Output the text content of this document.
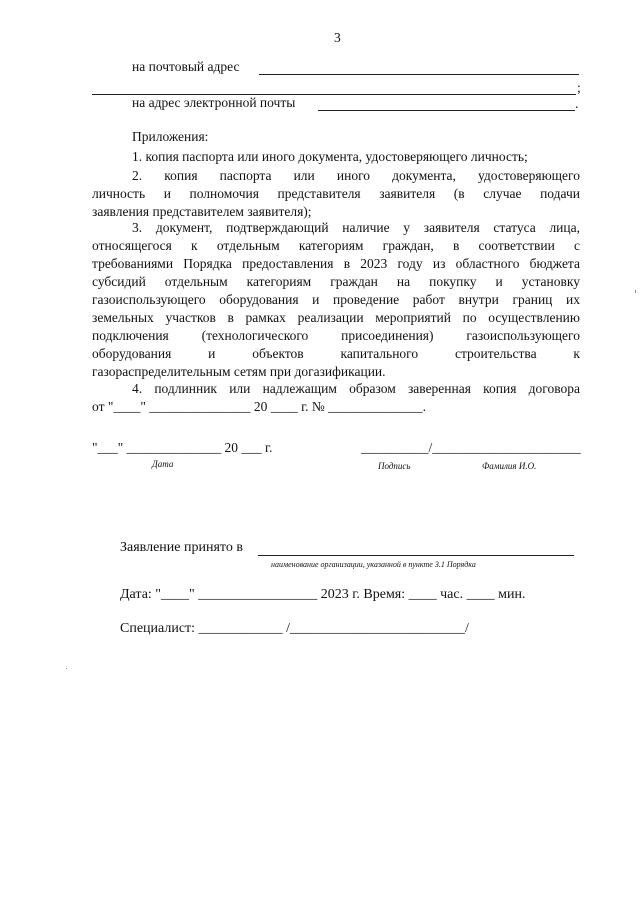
3
на почтовый адрес
;
на адрес электронной почты	.
Приложения:
1. копия паспорта или иного документа, удостоверяющего личность;
2. копия паспорта или иного документа, удостоверяющего
личность и полномочия представителя заявителя (в случае подачи
заявления представителем заявителя);
3. документ, подтверждающий наличие у заявителя статуса лица,
относящегося к отдельным категориям граждан, в соответствии с
требованиями Порядка предоставления в 2023 году из областного бюджета
субсидий отдельным категориям граждан на покупку и установку
газоиспользующего оборудования и проведение работ внутри границ их
земельных участков в рамках реализации мероприятий по осуществлению
подключения (технологического присоединения) газоиспользующего
оборудования и объектов капитального строительства к
газораспределительным сетям при догазификации.
4. подлинник или надлежащим образом заверенная копия договора
от "____" _______________ 20 ____ г. № ______________.
"___" ______________ 20 ___ г.
Дата
__________/______________________
Подпись	Фамилия И.О.
Заявление принято в
наименование организации, указанной в пункте 3.1 Порядка
Дата: "____" _________________ 2023 г. Время: ____ час. ____ мин.
Специалист: ____________ /_________________________/
